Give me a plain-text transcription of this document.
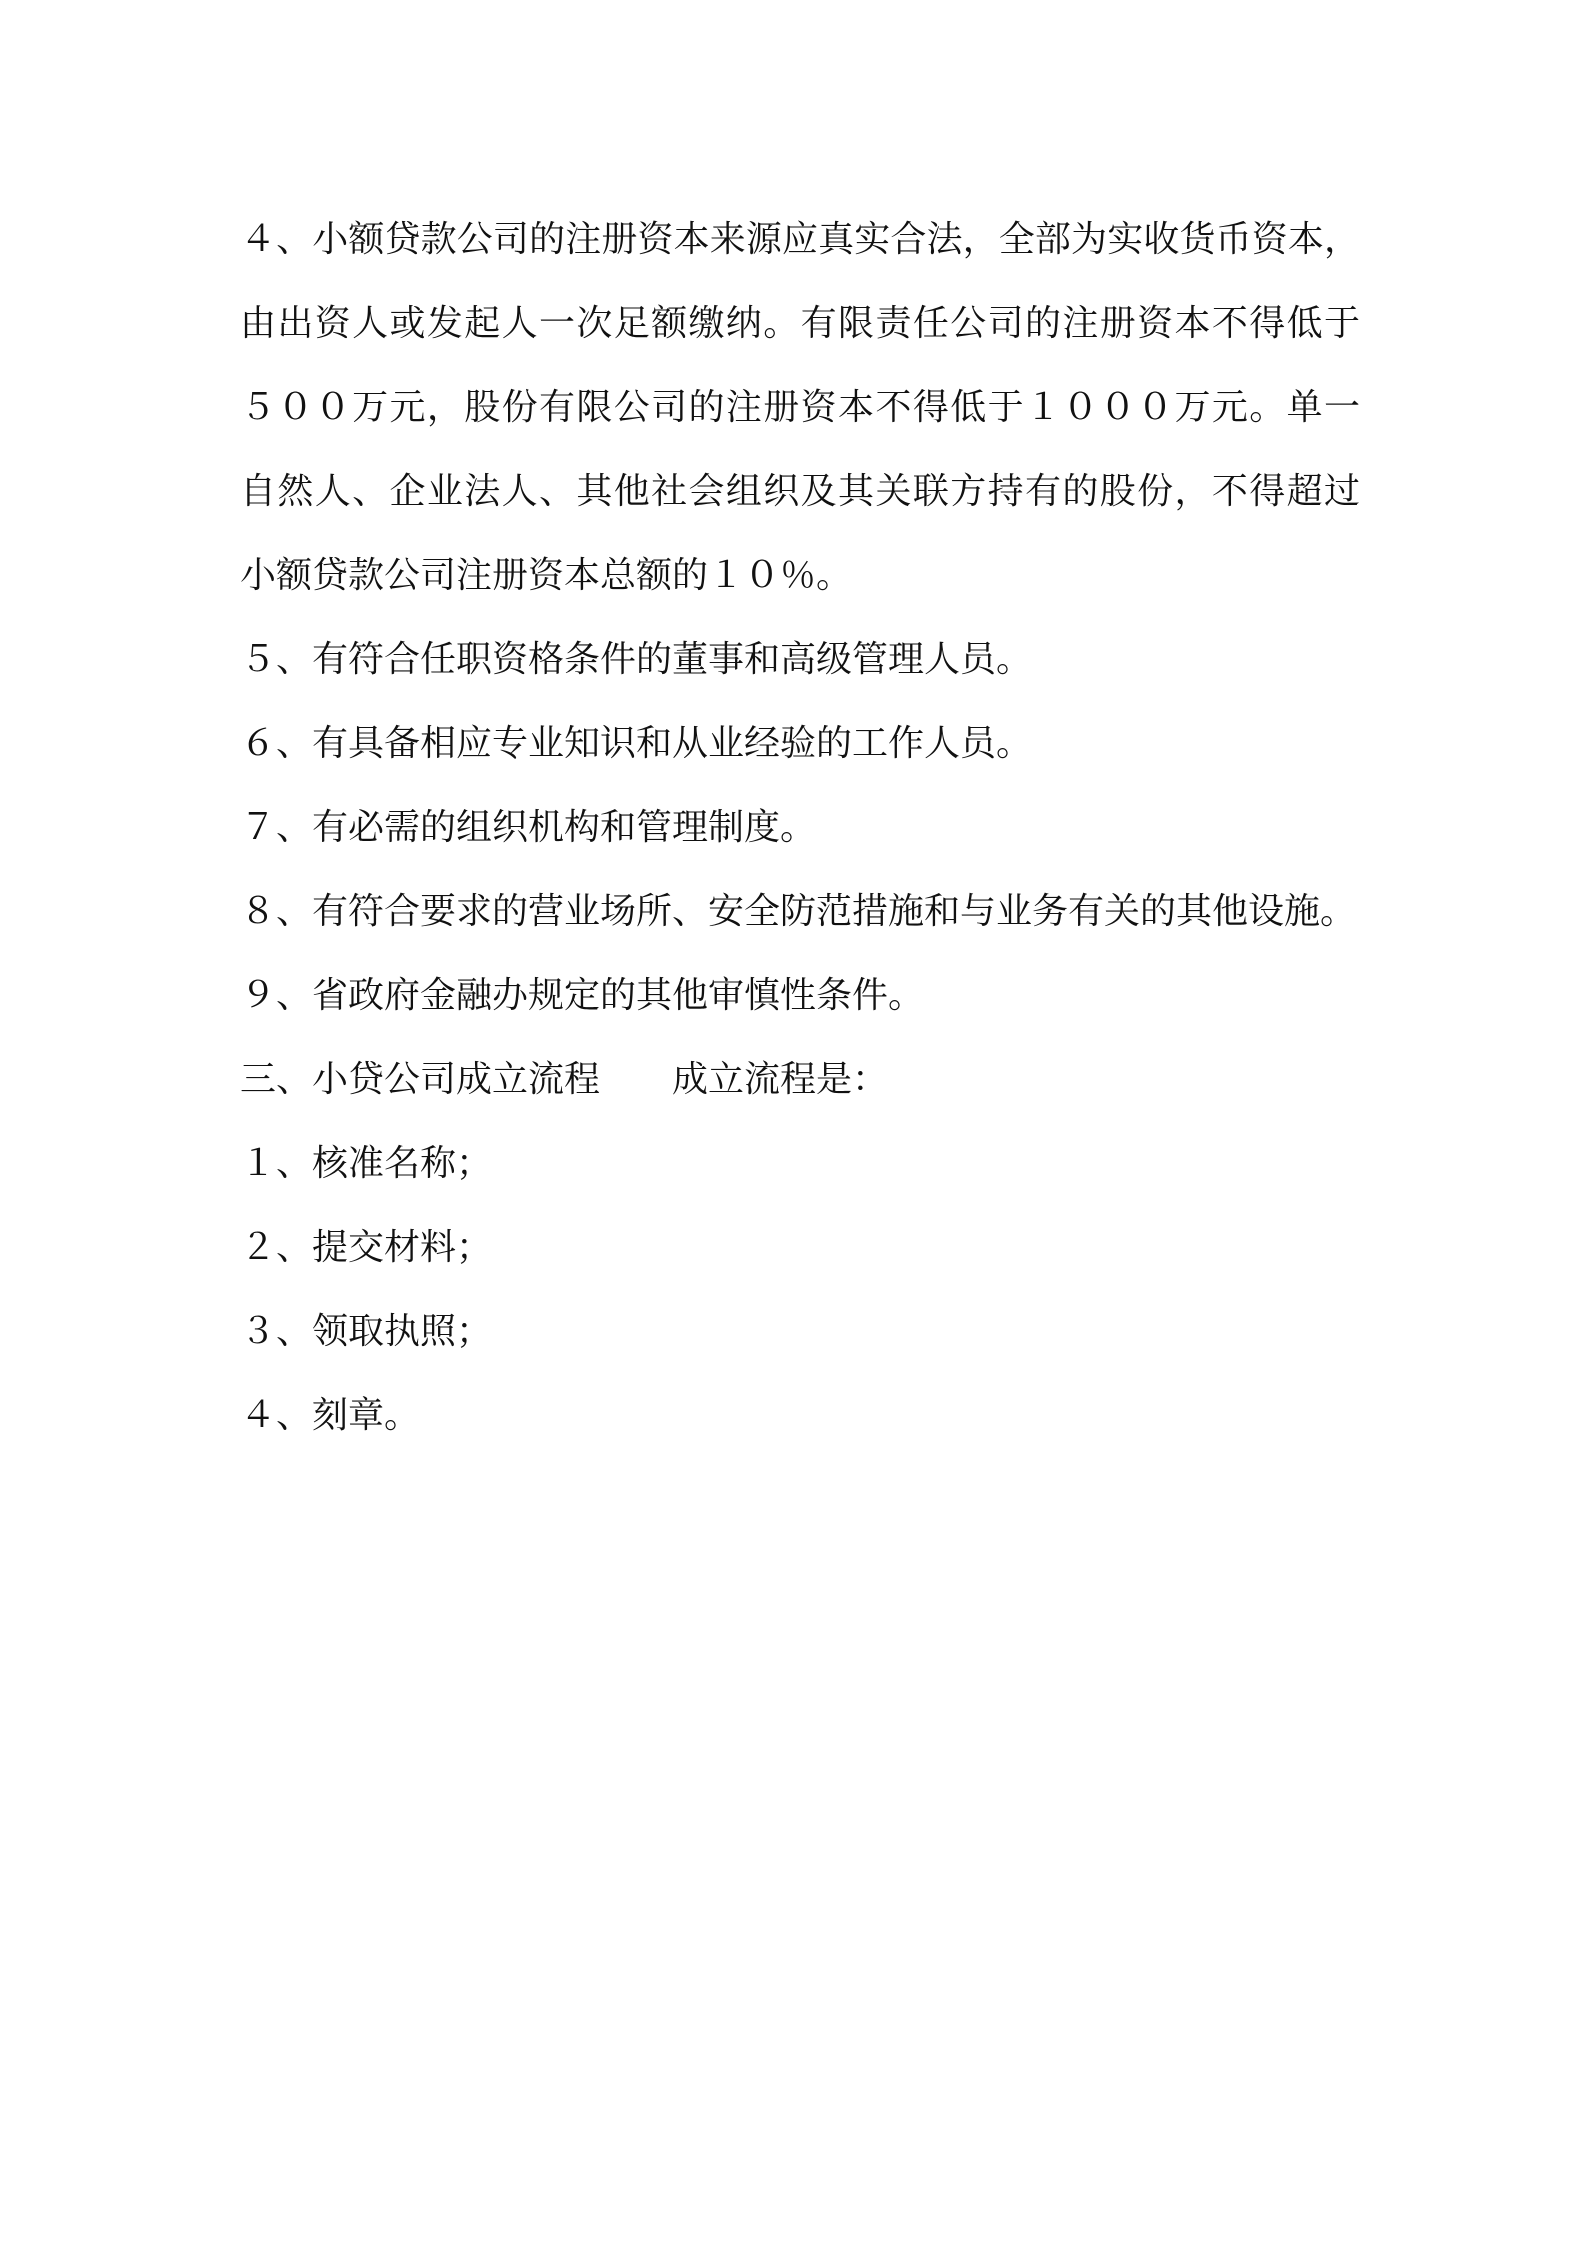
４、小额贷款公司的注册资本来源应真实合法，全部为实收货币资本，
由出资人或发起人一次足额缴纳。有限责任公司的注册资本不得低于
５００万元，股份有限公司的注册资本不得低于１０００万元。单一
自然人、企业法人、其他社会组织及其关联方持有的股份，不得超过
小额贷款公司注册资本总额的１０％。
５、有符合任职资格条件的董事和高级管理人员。
６、有具备相应专业知识和从业经验的工作人员。
７、有必需的组织机构和管理制度。
８、有符合要求的营业场所、安全防范措施和与业务有关的其他设施。
９、省政府金融办规定的其他审慎性条件。
三、小贷公司成立流程　　成立流程是：
１、核准名称；
２、提交材料；
３、领取执照；
４、刻章。
